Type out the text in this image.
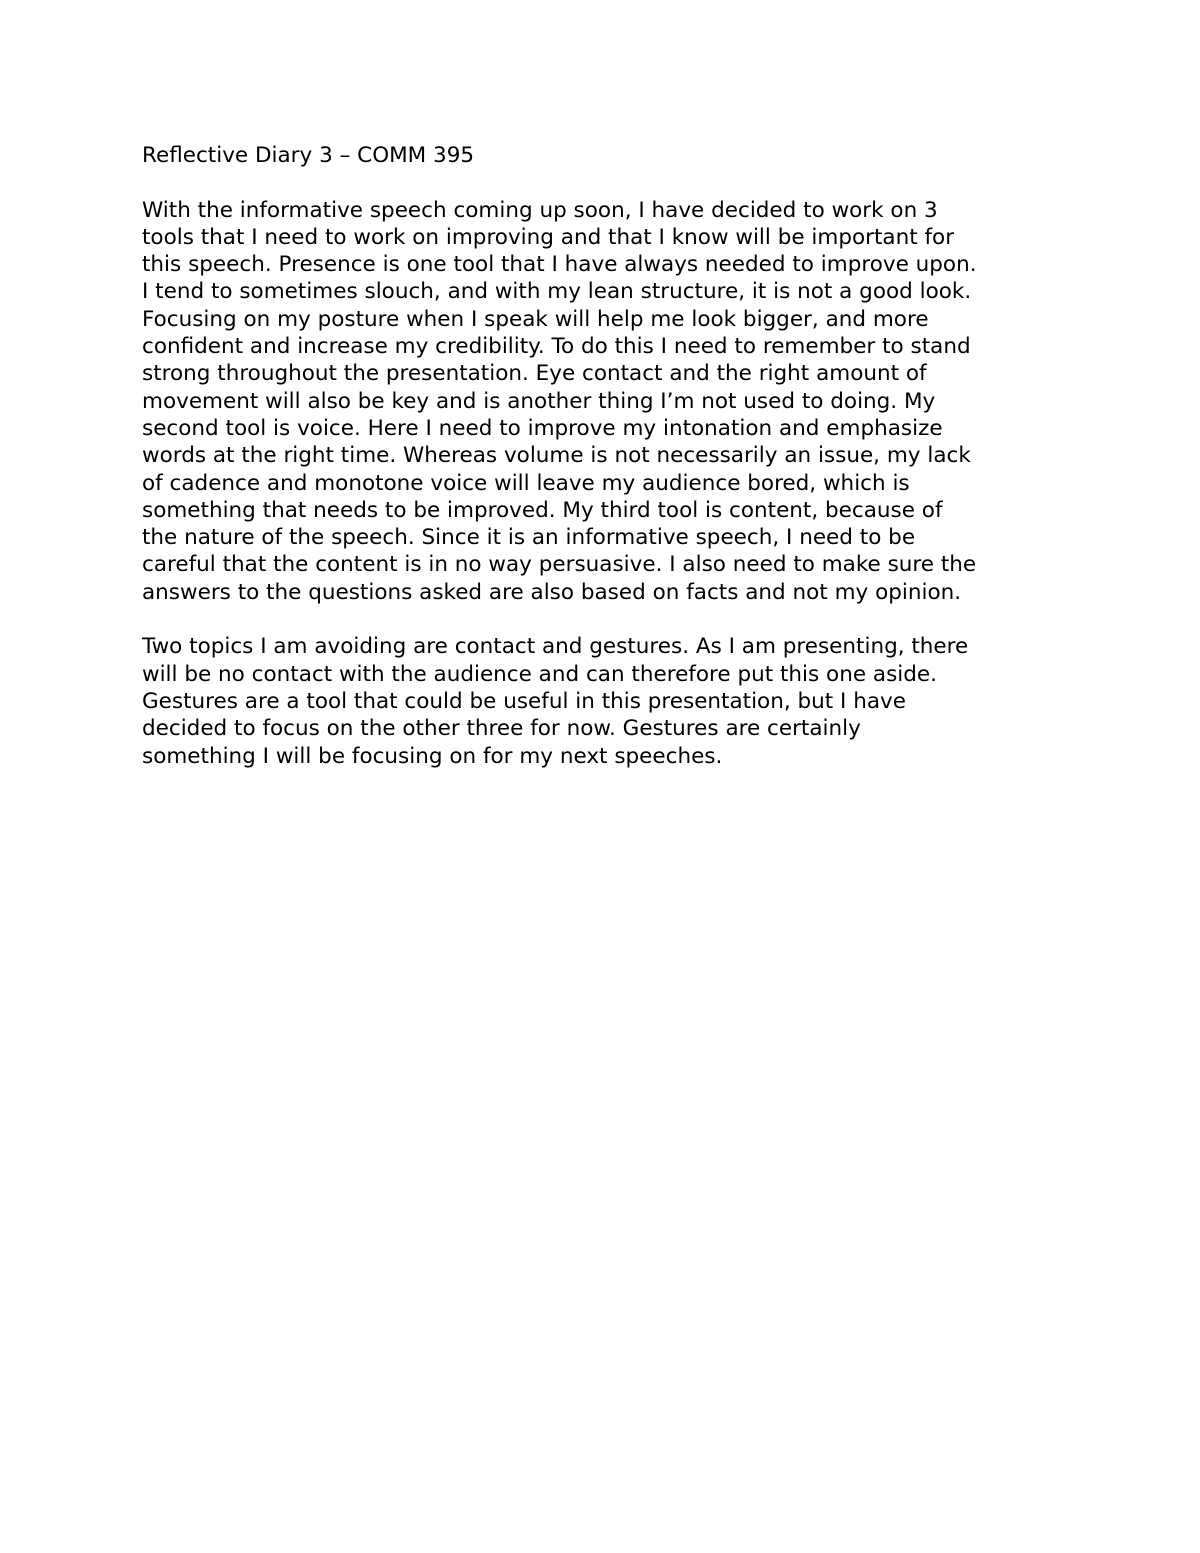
Reflective Diary 3 – COMM 395
With the informative speech coming up soon, I have decided to work on 3
tools that I need to work on improving and that I know will be important for
this speech. Presence is one tool that I have always needed to improve upon.
I tend to sometimes slouch, and with my lean structure, it is not a good look.
Focusing on my posture when I speak will help me look bigger, and more
confident and increase my credibility. To do this I need to remember to stand
strong throughout the presentation. Eye contact and the right amount of
movement will also be key and is another thing I’m not used to doing. My
second tool is voice. Here I need to improve my intonation and emphasize
words at the right time. Whereas volume is not necessarily an issue, my lack
of cadence and monotone voice will leave my audience bored, which is
something that needs to be improved. My third tool is content, because of
the nature of the speech. Since it is an informative speech, I need to be
careful that the content is in no way persuasive. I also need to make sure the
answers to the questions asked are also based on facts and not my opinion.
Two topics I am avoiding are contact and gestures. As I am presenting, there
will be no contact with the audience and can therefore put this one aside.
Gestures are a tool that could be useful in this presentation, but I have
decided to focus on the other three for now. Gestures are certainly
something I will be focusing on for my next speeches.
